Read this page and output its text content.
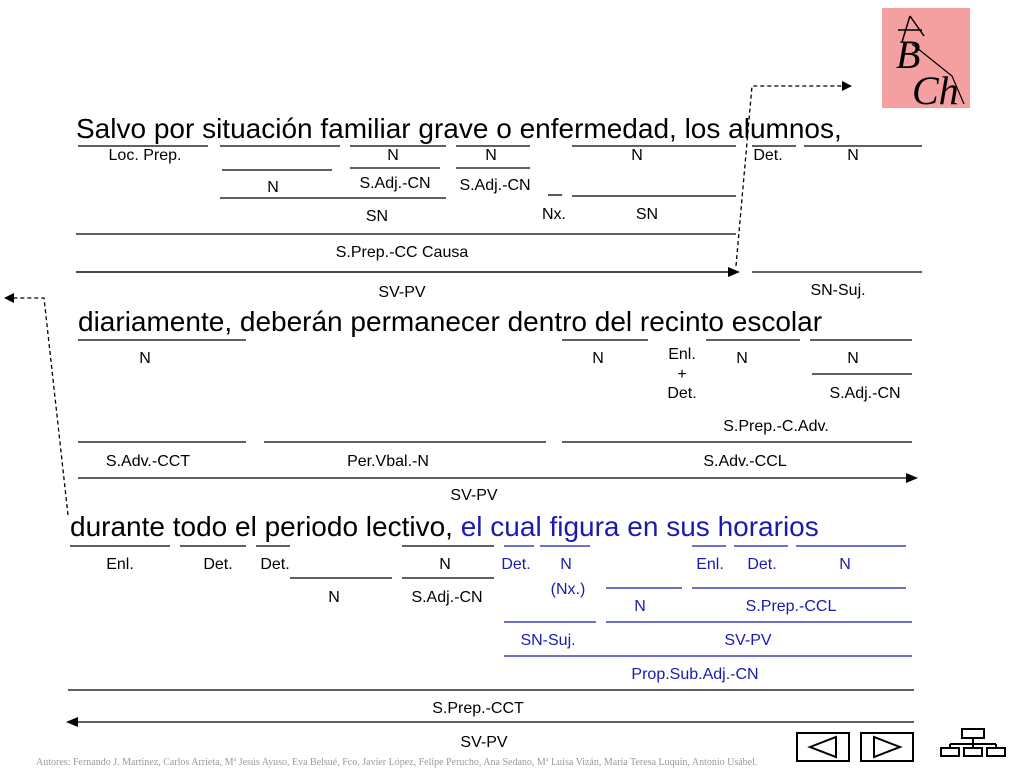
Salvo por situación familiar grave o enfermedad, los alumnos,
diariamente, deberán permanecer dentro del recinto escolar
durante todo el periodo lectivo, el cual figura en sus horarios
Loc. Prep.	N	N	N	Det.	N
N	S.Adj.-CN S.Adj.-CN
Nx.	SN
SN
S.Prep.-CC Causa
SV-PV	SN-Suj.
N	N	Enl.
+
Det.
N	N
S.Adj.-CN
S.Prep.-C.Adv.
S.Adv.-CCT	Per.Vbal.-N	S.Adv.-CCL
SV-PV
Enl.	Det. Det.	N	Det. N
(Nx.)
Enl. Det.	N
N	S.Adj.-CN
N	S.Prep.-CCL
SN-Suj.	SV-PV
Prop.Sub.Adj.-CN
S.Prep.-CCT
SV-PV
B
Ch
Autores: Fernando J. Martínez, Carlos Arrieta, Mª Jesús Ayuso, Eva Belsué, Fco. Javier López, Felipe Perucho, Ana Sedano, Mª Luisa Vizán, María Teresa Luquin, Antonio Usábel.
